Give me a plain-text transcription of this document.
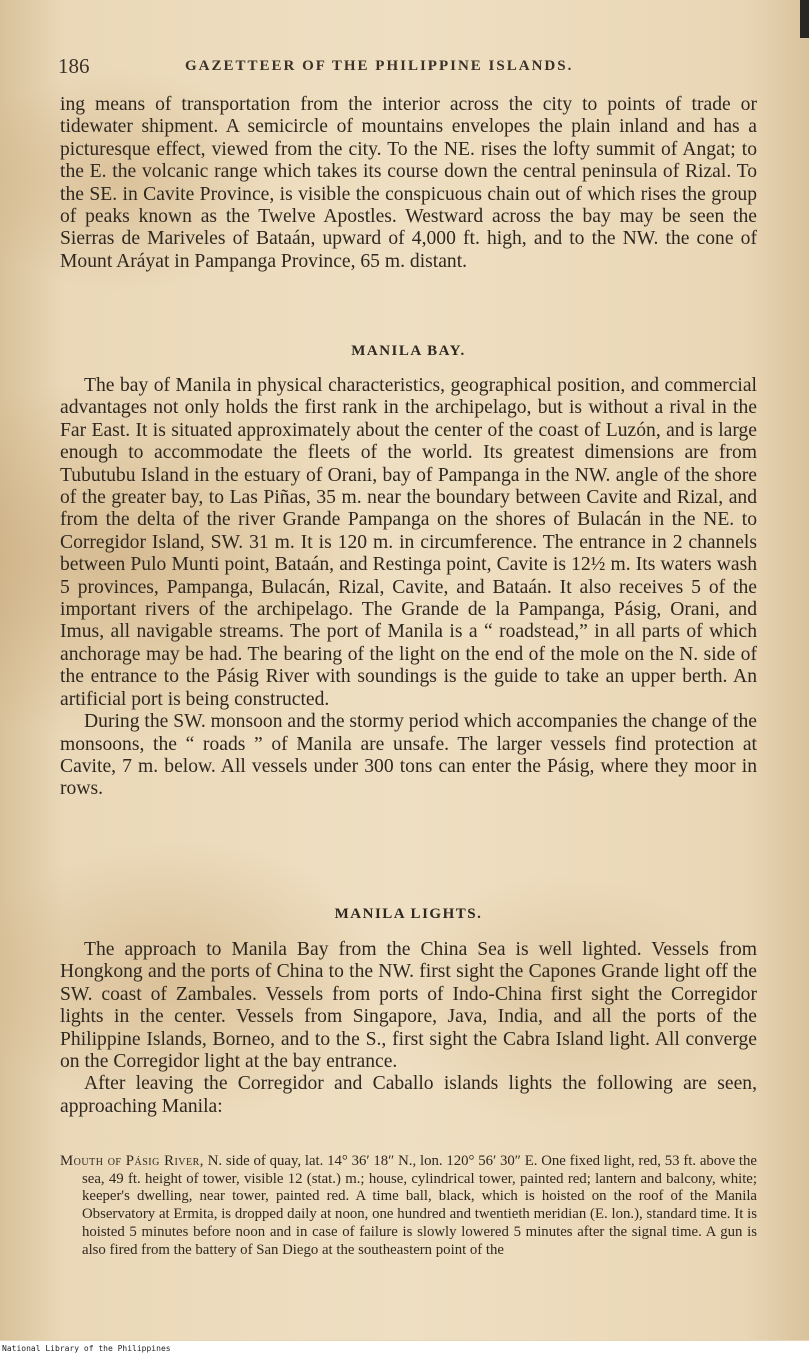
186	GAZETTEER OF THE PHILIPPINE ISLANDS.

ing means of transportation from the interior across the city to points of trade or tidewater shipment. A semicircle of mountains envelopes the plain inland and has a picturesque effect, viewed from the city. To the NE. rises the lofty summit of Angat; to the E. the volcanic range which takes its course down the central peninsula of Rizal. To the SE. in Cavite Province, is visible the conspicuous chain out of which rises the group of peaks known as the Twelve Apostles. Westward across the bay may be seen the Sierras de Mariveles of Bataán, upward of 4,000 ft. high, and to the NW. the cone of Mount Aráyat in Pampanga Province, 65 m. distant.

MANILA BAY.

The bay of Manila in physical characteristics, geographical position, and commercial advantages not only holds the first rank in the archipelago, but is without a rival in the Far East. It is situated approximately about the center of the coast of Luzón, and is large enough to accommodate the fleets of the world. Its greatest dimensions are from Tubutubu Island in the estuary of Orani, bay of Pampanga in the NW. angle of the shore of the greater bay, to Las Piñas, 35 m. near the boundary between Cavite and Rizal, and from the delta of the river Grande Pampanga on the shores of Bulacán in the NE. to Corregidor Island, SW. 31 m. It is 120 m. in circumference. The entrance in 2 channels between Pulo Munti point, Bataán, and Restinga point, Cavite is 12½ m. Its waters wash 5 provinces, Pampanga, Bulacán, Rizal, Cavite, and Bataán. It also receives 5 of the important rivers of the archipelago. The Grande de la Pampanga, Pásig, Orani, and Imus, all navigable streams. The port of Manila is a “ roadstead,” in all parts of which anchorage may be had. The bearing of the light on the end of the mole on the N. side of the entrance to the Pásig River with soundings is the guide to take an upper berth. An artificial port is being constructed.

During the SW. monsoon and the stormy period which accompanies the change of the monsoons, the “ roads ” of Manila are unsafe. The larger vessels find protection at Cavite, 7 m. below. All vessels under 300 tons can enter the Pásig, where they moor in rows.

MANILA LIGHTS.

The approach to Manila Bay from the China Sea is well lighted. Vessels from Hongkong and the ports of China to the NW. first sight the Capones Grande light off the SW. coast of Zambales. Vessels from ports of Indo-China first sight the Corregidor lights in the center. Vessels from Singapore, Java, India, and all the ports of the Philippine Islands, Borneo, and to the S., first sight the Cabra Island light. All converge on the Corregidor light at the bay entrance.

After leaving the Corregidor and Caballo islands lights the following are seen, approaching Manila:

Mouth of Pásig River, N. side of quay, lat. 14° 36′ 18″ N., lon. 120° 56′ 30″ E. One fixed light, red, 53 ft. above the sea, 49 ft. height of tower, visible 12 (stat.) m.; house, cylindrical tower, painted red; lantern and balcony, white; keeper's dwelling, near tower, painted red. A time ball, black, which is hoisted on the roof of the Manila Observatory at Ermita, is dropped daily at noon, one hundred and twentieth meridian (E. lon.), standard time. It is hoisted 5 minutes before noon and in case of failure is slowly lowered 5 minutes after the signal time. A gun is also fired from the battery of San Diego at the southeastern point of the

National Library of the Philippines
